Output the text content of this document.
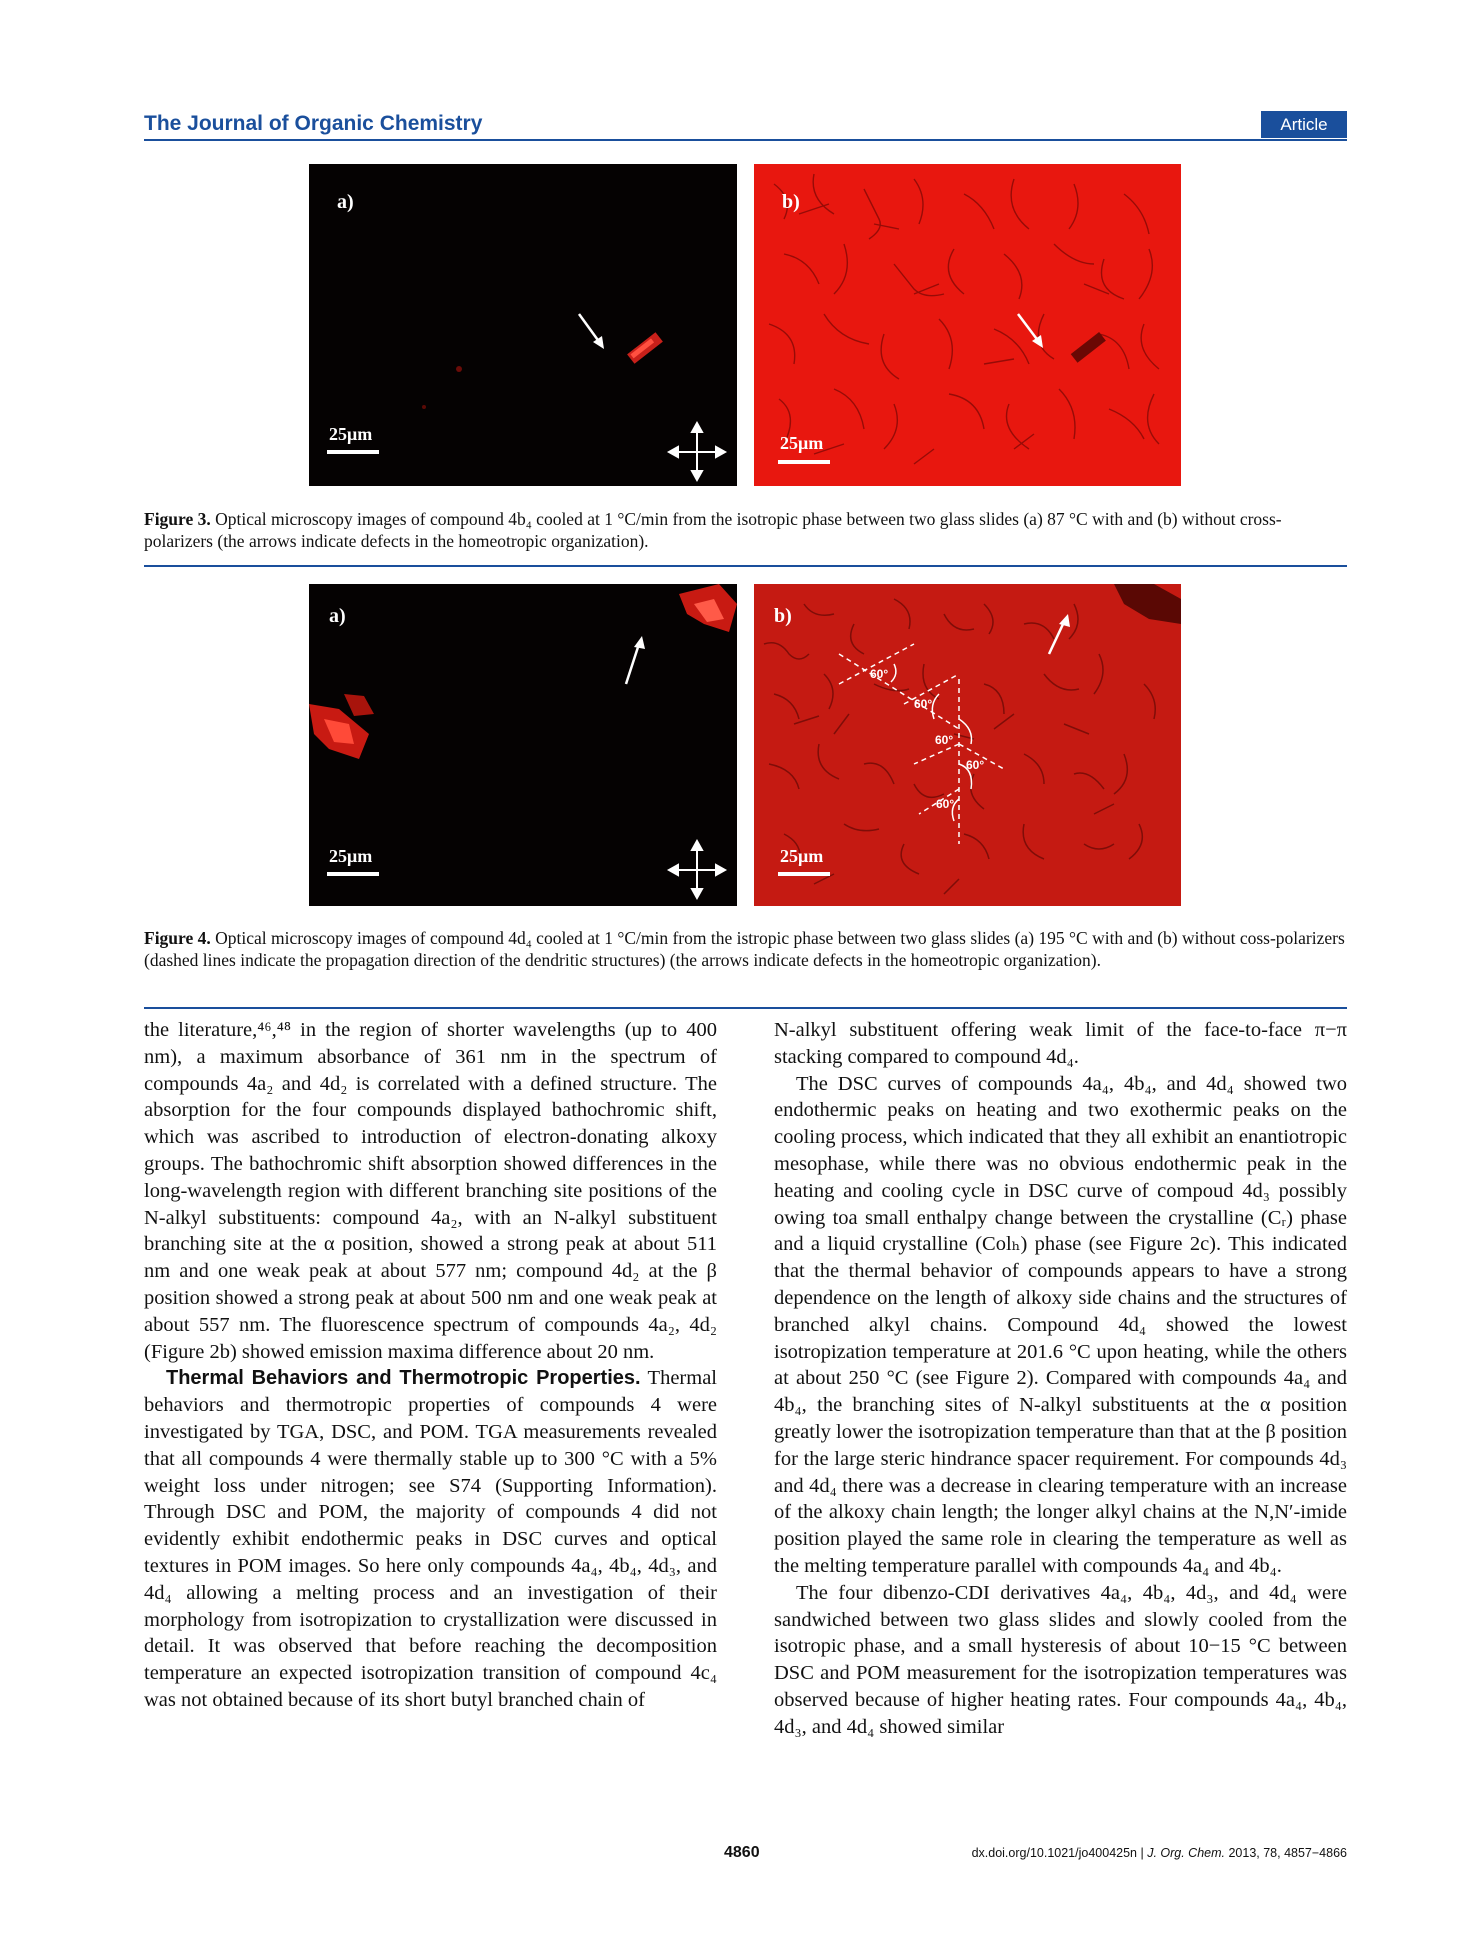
The Journal of Organic Chemistry	Article
a)
25μm
b)
25μm
Figure 3. Optical microscopy images of compound 4b₄ cooled at 1 °C/min from the isotropic phase between two glass slides (a) 87 °C with and (b) without cross-polarizers (the arrows indicate defects in the homeotropic organization).
a)
25μm
60°
60°
60°
60°
60°
b)
25μm
Figure 4. Optical microscopy images of compound 4d₄ cooled at 1 °C/min from the istropic phase between two glass slides (a) 195 °C with and (b) without coss-polarizers (dashed lines indicate the propagation direction of the dendritic structures) (the arrows indicate defects in the homeotropic organization).

the literature,⁴⁶,⁴⁸ in the region of shorter wavelengths (up to 400 nm), a maximum absorbance of 361 nm in the spectrum of compounds 4a₂ and 4d₂ is correlated with a defined structure. The absorption for the four compounds displayed bathochromic shift, which was ascribed to introduction of electron-donating alkoxy groups. The bathochromic shift absorption showed differences in the long-wavelength region with different branching site positions of the N-alkyl substituents: compound 4a₂, with an N-alkyl substituent branching site at the α position, showed a strong peak at about 511 nm and one weak peak at about 577 nm; compound 4d₂ at the β position showed a strong peak at about 500 nm and one weak peak at about 557 nm. The fluorescence spectrum of compounds 4a₂, 4d₂ (Figure 2b) showed emission maxima difference about 20 nm.

Thermal Behaviors and Thermotropic Properties. Thermal behaviors and thermotropic properties of compounds 4 were investigated by TGA, DSC, and POM. TGA measurements revealed that all compounds 4 were thermally stable up to 300 °C with a 5% weight loss under nitrogen; see S74 (Supporting Information). Through DSC and POM, the majority of compounds 4 did not evidently exhibit endothermic peaks in DSC curves and optical textures in POM images. So here only compounds 4a₄, 4b₄, 4d₃, and 4d₄ allowing a melting process and an investigation of their morphology from isotropization to crystallization were discussed in detail. It was observed that before reaching the decomposition temperature an expected isotropization transition of compound 4c₄ was not obtained because of its short butyl branched chain of

N-alkyl substituent offering weak limit of the face-to-face π−π stacking compared to compound 4d₄.

The DSC curves of compounds 4a₄, 4b₄, and 4d₄ showed two endothermic peaks on heating and two exothermic peaks on the cooling process, which indicated that they all exhibit an enantiotropic mesophase, while there was no obvious endothermic peak in the heating and cooling cycle in DSC curve of compoud 4d₃ possibly owing toa small enthalpy change between the crystalline (Cᵣ) phase and a liquid crystalline (Colₕ) phase (see Figure 2c). This indicated that the thermal behavior of compounds appears to have a strong dependence on the length of alkoxy side chains and the structures of branched alkyl chains. Compound 4d₄ showed the lowest isotropization temperature at 201.6 °C upon heating, while the others at about 250 °C (see Figure 2). Compared with compounds 4a₄ and 4b₄, the branching sites of N-alkyl substituents at the α position greatly lower the isotropization temperature than that at the β position for the large steric hindrance spacer requirement. For compounds 4d₃ and 4d₄ there was a decrease in clearing temperature with an increase of the alkoxy chain length; the longer alkyl chains at the N,N′-imide position played the same role in clearing the temperature as well as the melting temperature parallel with compounds 4a₄ and 4b₄.

The four dibenzo-CDI derivatives 4a₄, 4b₄, 4d₃, and 4d₄ were sandwiched between two glass slides and slowly cooled from the isotropic phase, and a small hysteresis of about 10−15 °C between DSC and POM measurement for the isotropization temperatures was observed because of higher heating rates. Four compounds 4a₄, 4b₄, 4d₃, and 4d₄ showed similar

4860	dx.doi.org/10.1021/jo400425n | J. Org. Chem. 2013, 78, 4857−4866
